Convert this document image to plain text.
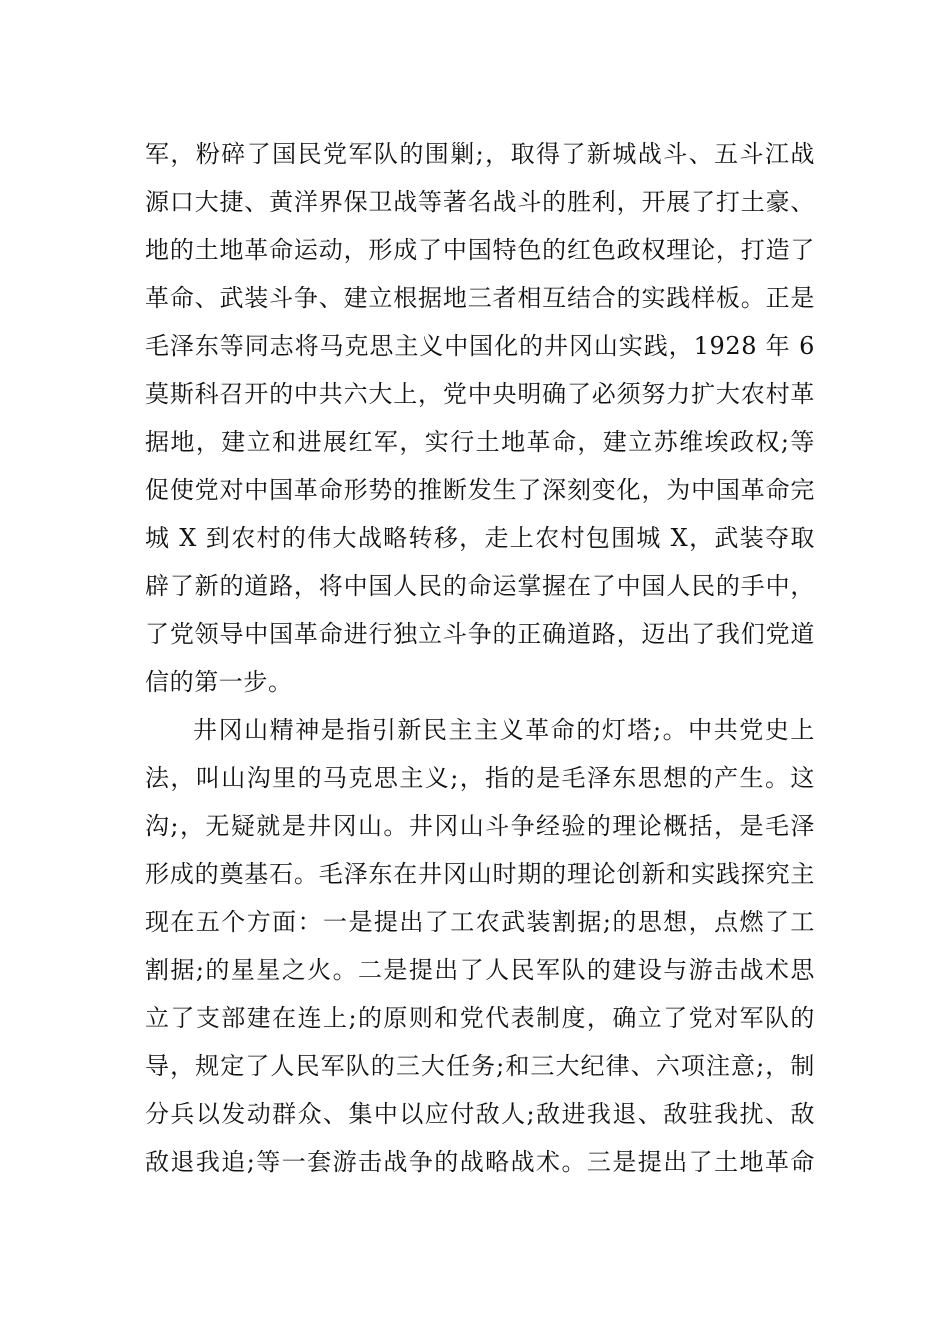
军，粉碎了国民党军队的围剿;，取得了新城战斗、五斗江战
源口大捷、黄洋界保卫战等著名战斗的胜利，开展了打土豪、
地的土地革命运动，形成了中国特色的红色政权理论，打造了
革命、武装斗争、建立根据地三者相互结合的实践样板。正是
毛泽东等同志将马克思主义中国化的井冈山实践，1928 年 6
莫斯科召开的中共六大上，党中央明确了必须努力扩大农村革
据地，建立和进展红军，实行土地革命，建立苏维埃政权;等
促使党对中国革命形势的推断发生了深刻变化，为中国革命完
城 X 到农村的伟大战略转移，走上农村包围城 X，武装夺取
辟了新的道路，将中国人民的命运掌握在了中国人民的手中，
了党领导中国革命进行独立斗争的正确道路，迈出了我们党道
信的第一步。
井冈山精神是指引新民主主义革命的灯塔;。中共党史上
法，叫山沟里的马克思主义;，指的是毛泽东思想的产生。这
沟;，无疑就是井冈山。井冈山斗争经验的理论概括，是毛泽
形成的奠基石。毛泽东在井冈山时期的理论创新和实践探究主
现在五个方面：一是提出了工农武装割据;的思想，点燃了工
割据;的星星之火。二是提出了人民军队的建设与游击战术思
立了支部建在连上;的原则和党代表制度，确立了党对军队的
导，规定了人民军队的三大任务;和三大纪律、六项注意;，制
分兵以发动群众、集中以应付敌人;敌进我退、敌驻我扰、敌
敌退我追;等一套游击战争的战略战术。三是提出了土地革命
